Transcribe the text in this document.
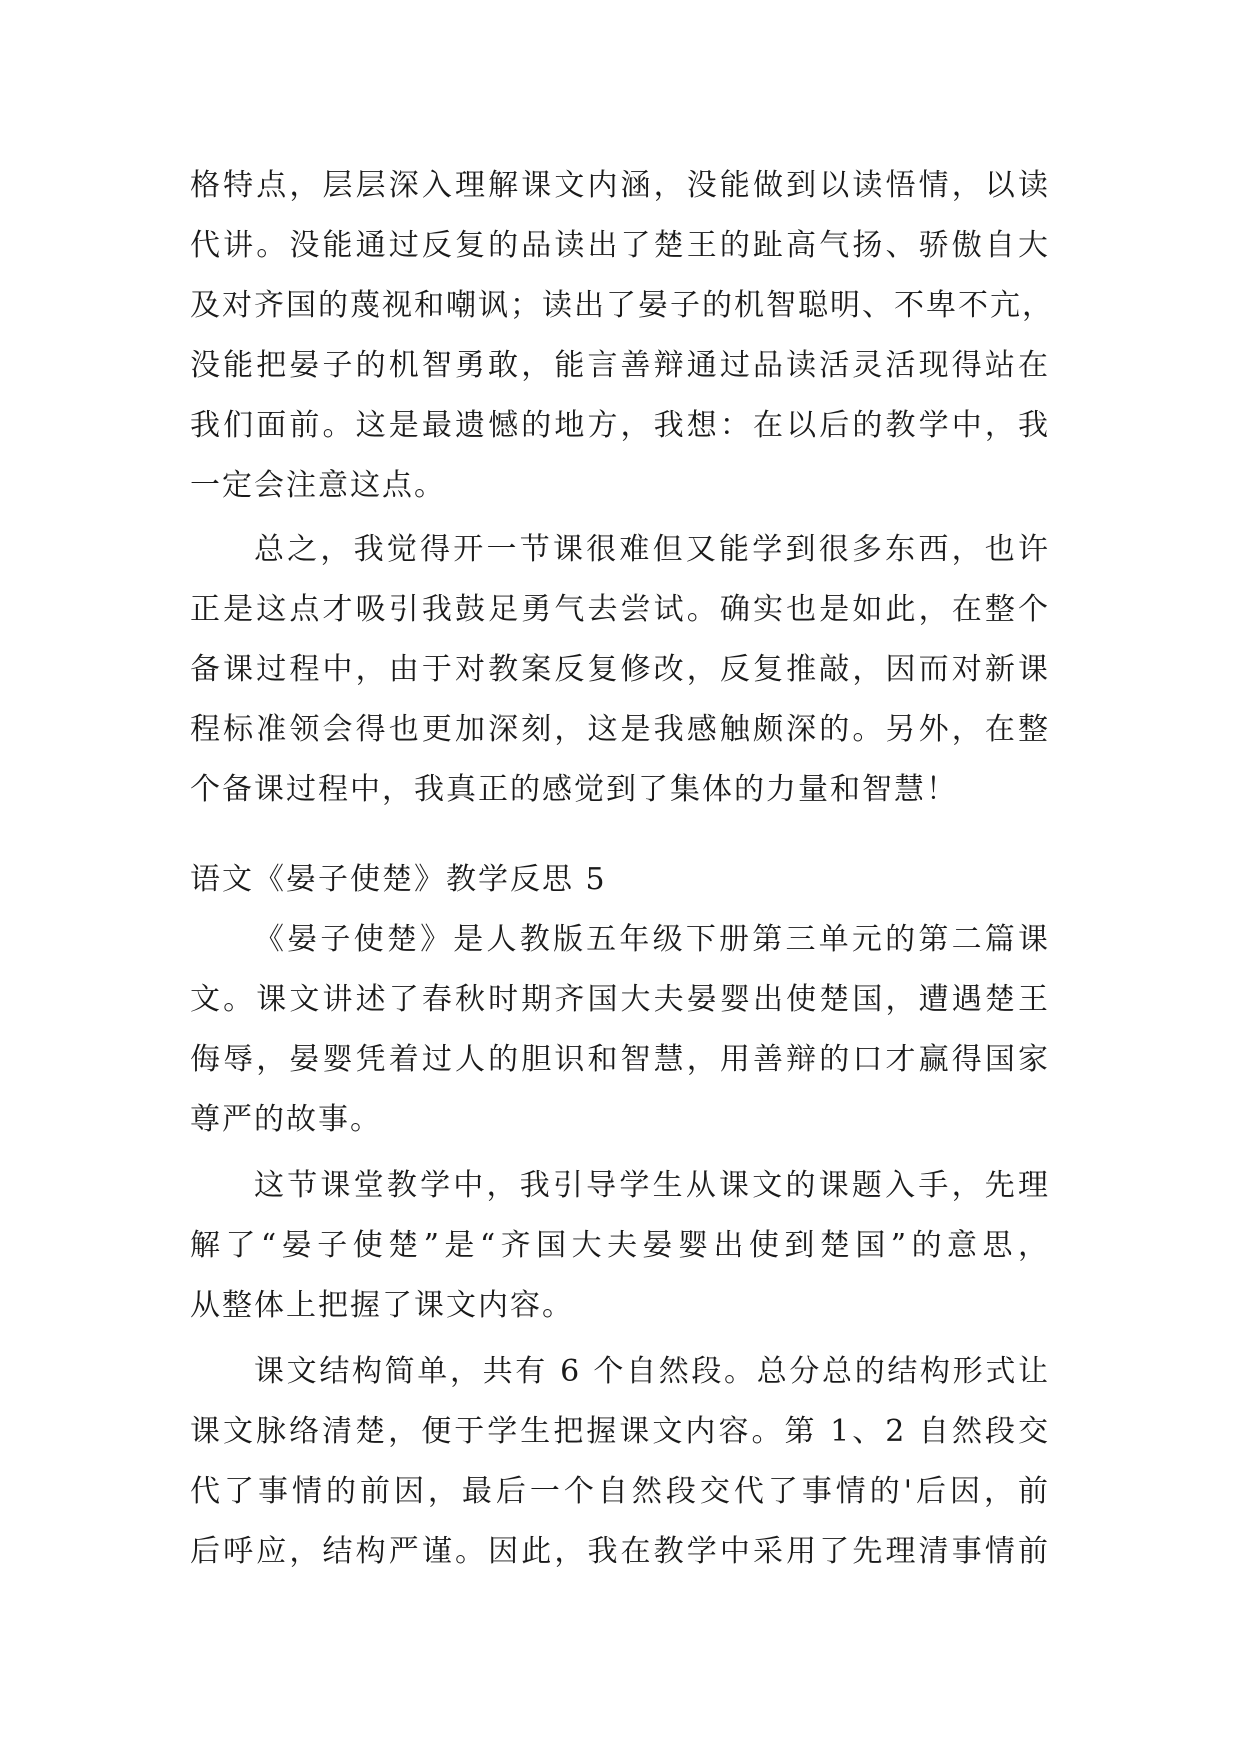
格特点，层层深入理解课文内涵，没能做到以读悟情，以读
代讲。没能通过反复的品读出了楚王的趾高气扬、骄傲自大
及对齐国的蔑视和嘲讽；读出了晏子的机智聪明、不卑不亢，
没能把晏子的机智勇敢，能言善辩通过品读活灵活现得站在
我们面前。这是最遗憾的地方，我想：在以后的教学中，我
一定会注意这点。
总之，我觉得开一节课很难但又能学到很多东西，也许
正是这点才吸引我鼓足勇气去尝试。确实也是如此，在整个
备课过程中，由于对教案反复修改，反复推敲，因而对新课
程标准领会得也更加深刻，这是我感触颇深的。另外，在整
个备课过程中，我真正的感觉到了集体的力量和智慧！
语文《晏子使楚》教学反思 5
《晏子使楚》是人教版五年级下册第三单元的第二篇课
文。课文讲述了春秋时期齐国大夫晏婴出使楚国，遭遇楚王
侮辱，晏婴凭着过人的胆识和智慧，用善辩的口才赢得国家
尊严的故事。
这节课堂教学中，我引导学生从课文的课题入手，先理
解了“晏子使楚”是“齐国大夫晏婴出使到楚国”的意思，
从整体上把握了课文内容。
课文结构简单，共有 6 个自然段。总分总的结构形式让
课文脉络清楚，便于学生把握课文内容。第 1、2 自然段交
代了事情的前因，最后一个自然段交代了事情的'后因，前
后呼应，结构严谨。因此，我在教学中采用了先理清事情前
